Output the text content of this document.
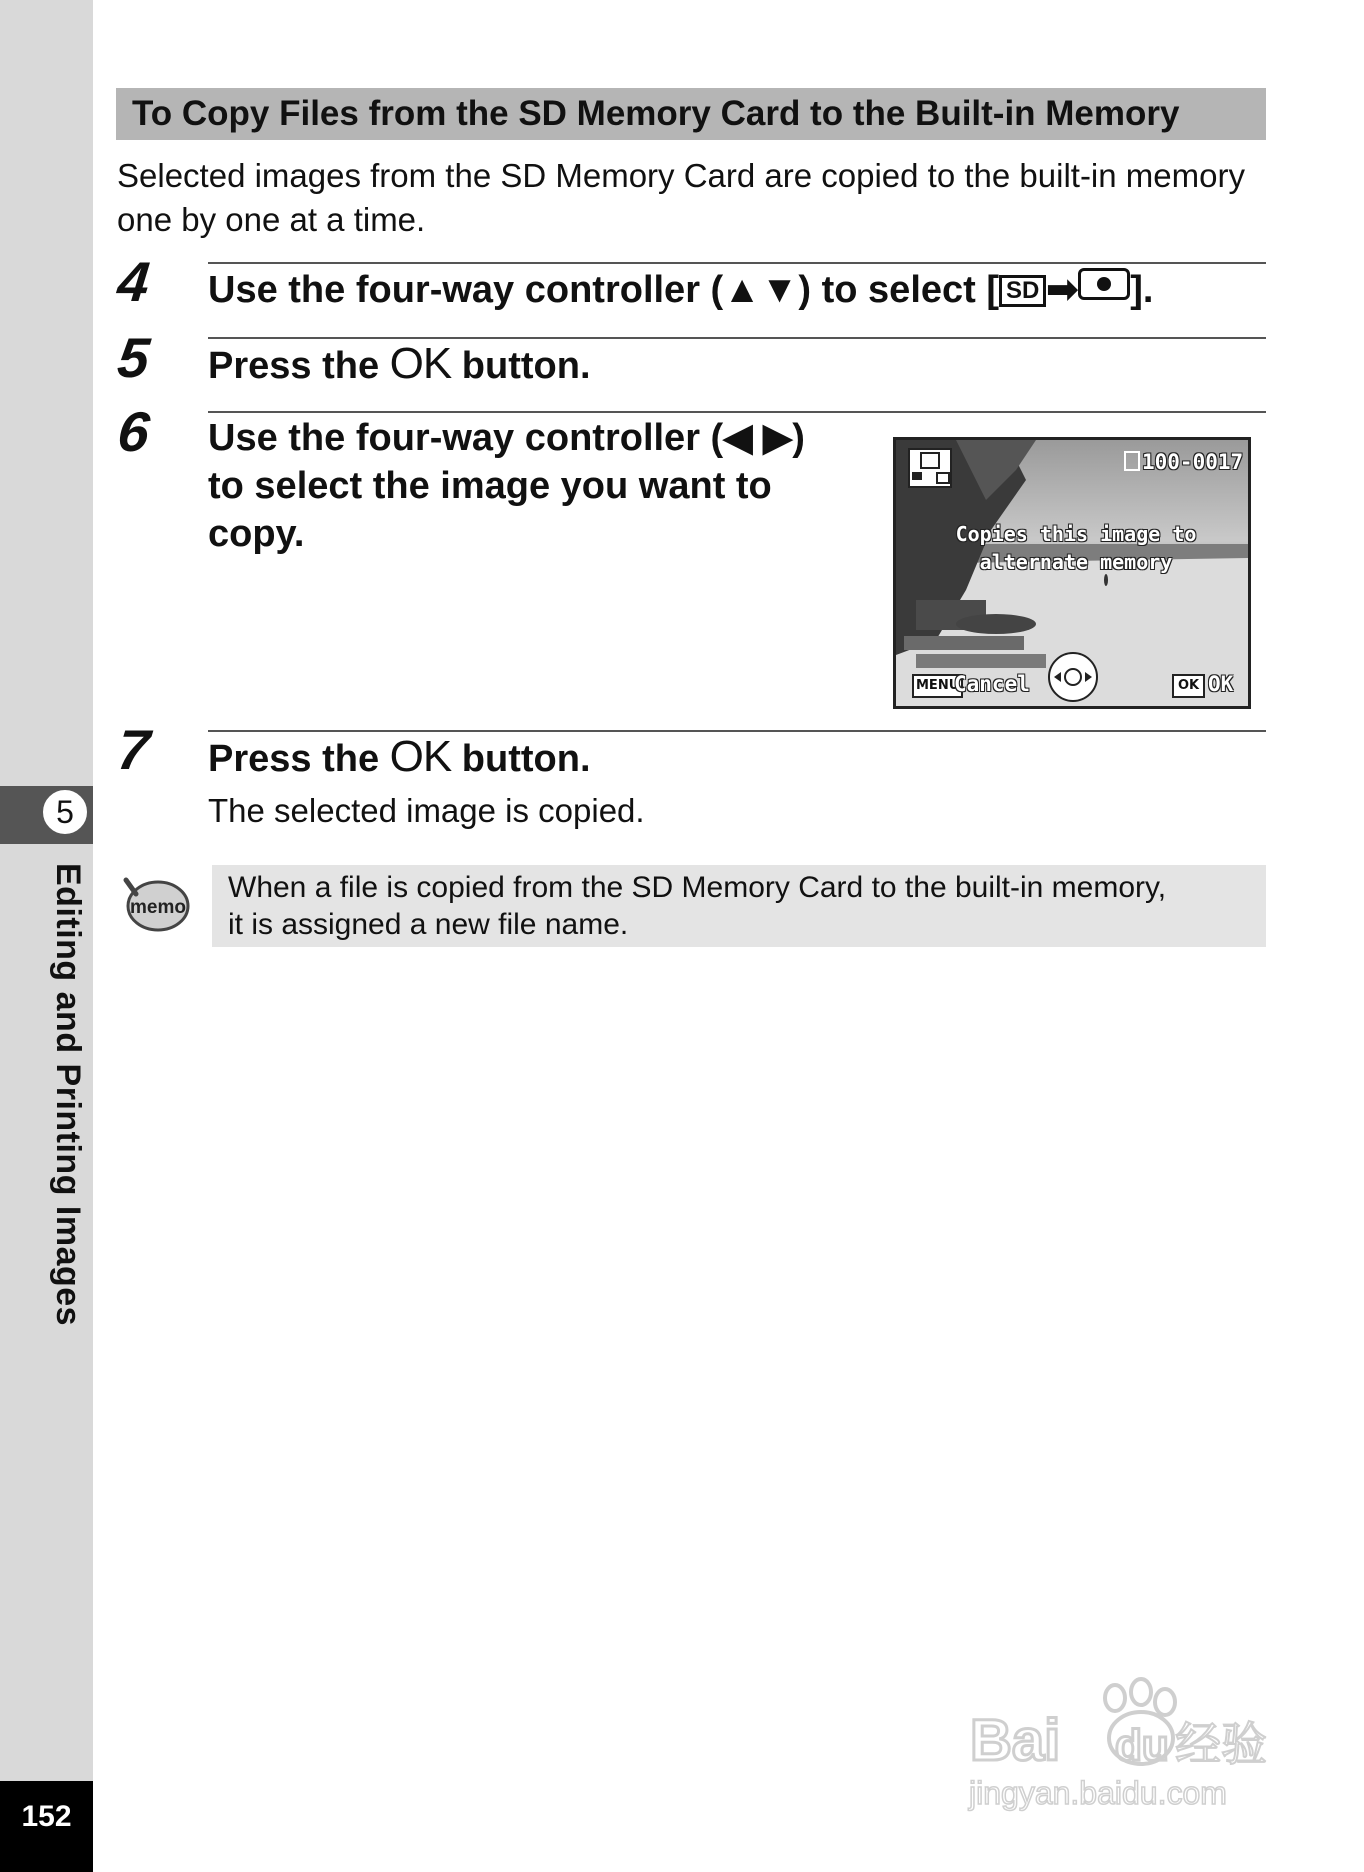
5
Editing and Printing Images
152
To Copy Files from the SD Memory Card to the Built-in Memory
Selected images from the SD Memory Card are copied to the built-in memory one by one at a time.
4 Use the four-way controller (▲▼) to select [ SD ➡ ].
5 Press the OK button.
6 Use the four-way controller (◀ ▶)
to select the image you want to
copy.
100-0017
Copies this image to
alternate memory
MENU
Cancel	OK OK
7 Press the OK button.
The selected image is copied.
memo
When a file is copied from the SD Memory Card to the built-in memory,
it is assigned a new file name.
Bai du 经验
jingyan.baidu.com
